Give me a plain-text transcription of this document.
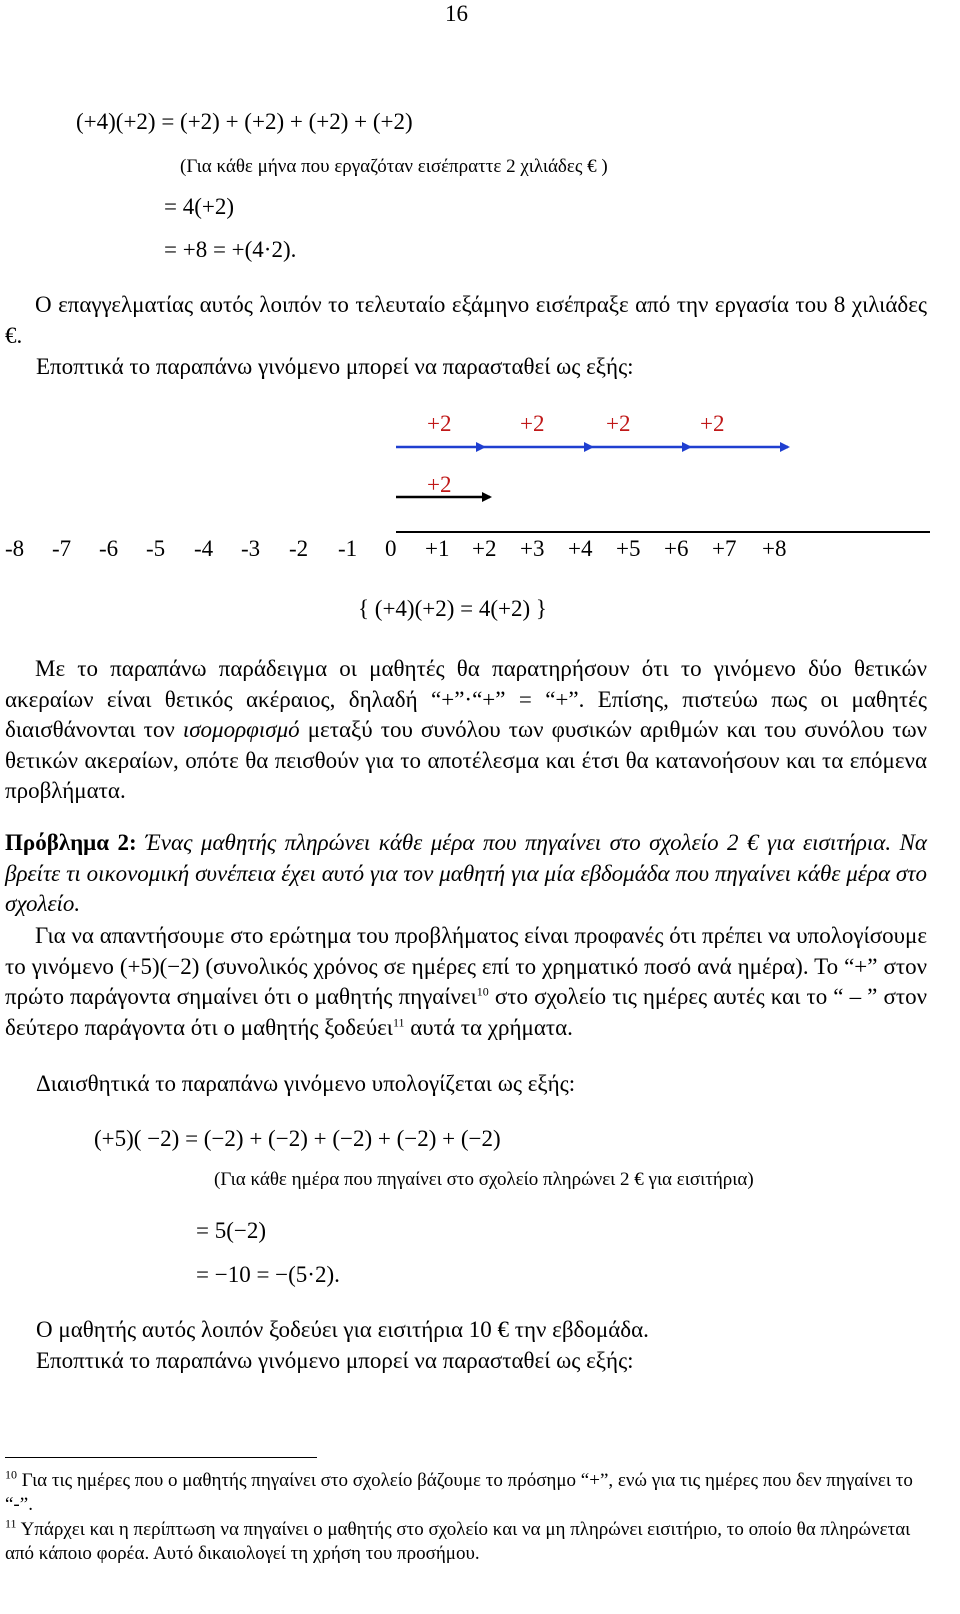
16
(+4)(+2) = (+2) + (+2) + (+2) + (+2)
(Για κάθε μήνα που εργαζόταν εισέπραττε 2 χιλιάδες € )
= 4(+2)
= +8 = +(4·2).
Ο επαγγελματίας αυτός λοιπόν το τελευταίο εξάμηνο εισέπραξε από την εργασία του 8 χιλιάδες €.
Εποπτικά το παραπάνω γινόμενο μπορεί να παρασταθεί ως εξής:
+2	+2	+2	+2
+2
-8 -7 -6 -5 -4 -3 -2 -1 0 +1 +2 +3 +4 +5 +6 +7 +8
{ (+4)(+2) = 4(+2) }
Με το παραπάνω παράδειγμα οι μαθητές θα παρατηρήσουν ότι το γινόμενο δύο θετικών ακεραίων είναι θετικός ακέραιος, δηλαδή “+”·“+” = “+”. Επίσης, πιστεύω πως οι μαθητές διαισθάνονται τον ισομορφισμό μεταξύ του συνόλου των φυσικών αριθμών και του συνόλου των θετικών ακεραίων, οπότε θα πεισθούν για το αποτέλεσμα και έτσι θα κατανοήσουν και τα επόμενα προβλήματα.
Πρόβλημα 2: Ένας μαθητής πληρώνει κάθε μέρα που πηγαίνει στο σχολείο 2 € για εισιτήρια. Να βρείτε τι οικονομική συνέπεια έχει αυτό για τον μαθητή για μία εβδομάδα που πηγαίνει κάθε μέρα στο σχολείο.
Για να απαντήσουμε στο ερώτημα του προβλήματος είναι προφανές ότι πρέπει να υπολογίσουμε το γινόμενο (+5)(−2) (συνολικός χρόνος σε ημέρες επί το χρηματικό ποσό ανά ημέρα). Το “+” στον πρώτο παράγοντα σημαίνει ότι ο μαθητής πηγαίνει$^{10}$ στο σχολείο τις ημέρες αυτές και το “ – ” στον δεύτερο παράγοντα ότι ο μαθητής ξοδεύει$^{11}$ αυτά τα χρήματα.
Διαισθητικά το παραπάνω γινόμενο υπολογίζεται ως εξής:
(+5)( −2) = (−2) + (−2) + (−2) + (−2) + (−2)
(Για κάθε ημέρα που πηγαίνει στο σχολείο πληρώνει 2 € για εισιτήρια)
= 5(−2)
= −10 = −(5·2).
Ο μαθητής αυτός λοιπόν ξοδεύει για εισιτήρια 10 € την εβδομάδα.
Εποπτικά το παραπάνω γινόμενο μπορεί να παρασταθεί ως εξής:
$^{10}$ Για τις ημέρες που ο μαθητής πηγαίνει στο σχολείο βάζουμε το πρόσημο “+”, ενώ για τις ημέρες που δεν πηγαίνει το “-”.
$^{11}$ Υπάρχει και η περίπτωση να πηγαίνει ο μαθητής στο σχολείο και να μη πληρώνει εισιτήριο, το οποίο θα πληρώνεται από κάποιο φορέα. Αυτό δικαιολογεί τη χρήση του προσήμου.
